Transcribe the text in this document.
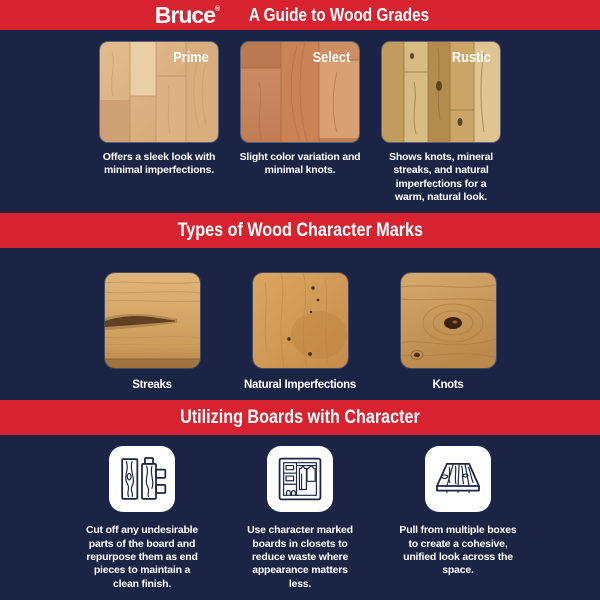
Bruce® A Guide to Wood Grades
Prime
Offers a sleek look with minimal imperfections.
Select
Slight color variation and minimal knots.
Rustic
Shows knots, mineral streaks, and natural imperfections for a warm, natural look.
Types of Wood Character Marks
Streaks	Natural Imperfections	Knots
Utilizing Boards with Character
Cut off any undesirable parts of the board and repurpose them as end pieces to maintain a clean finish.
Use character marked boards in closets to reduce waste where appearance matters less.
Pull from multiple boxes to create a cohesive, unified look across the space.
